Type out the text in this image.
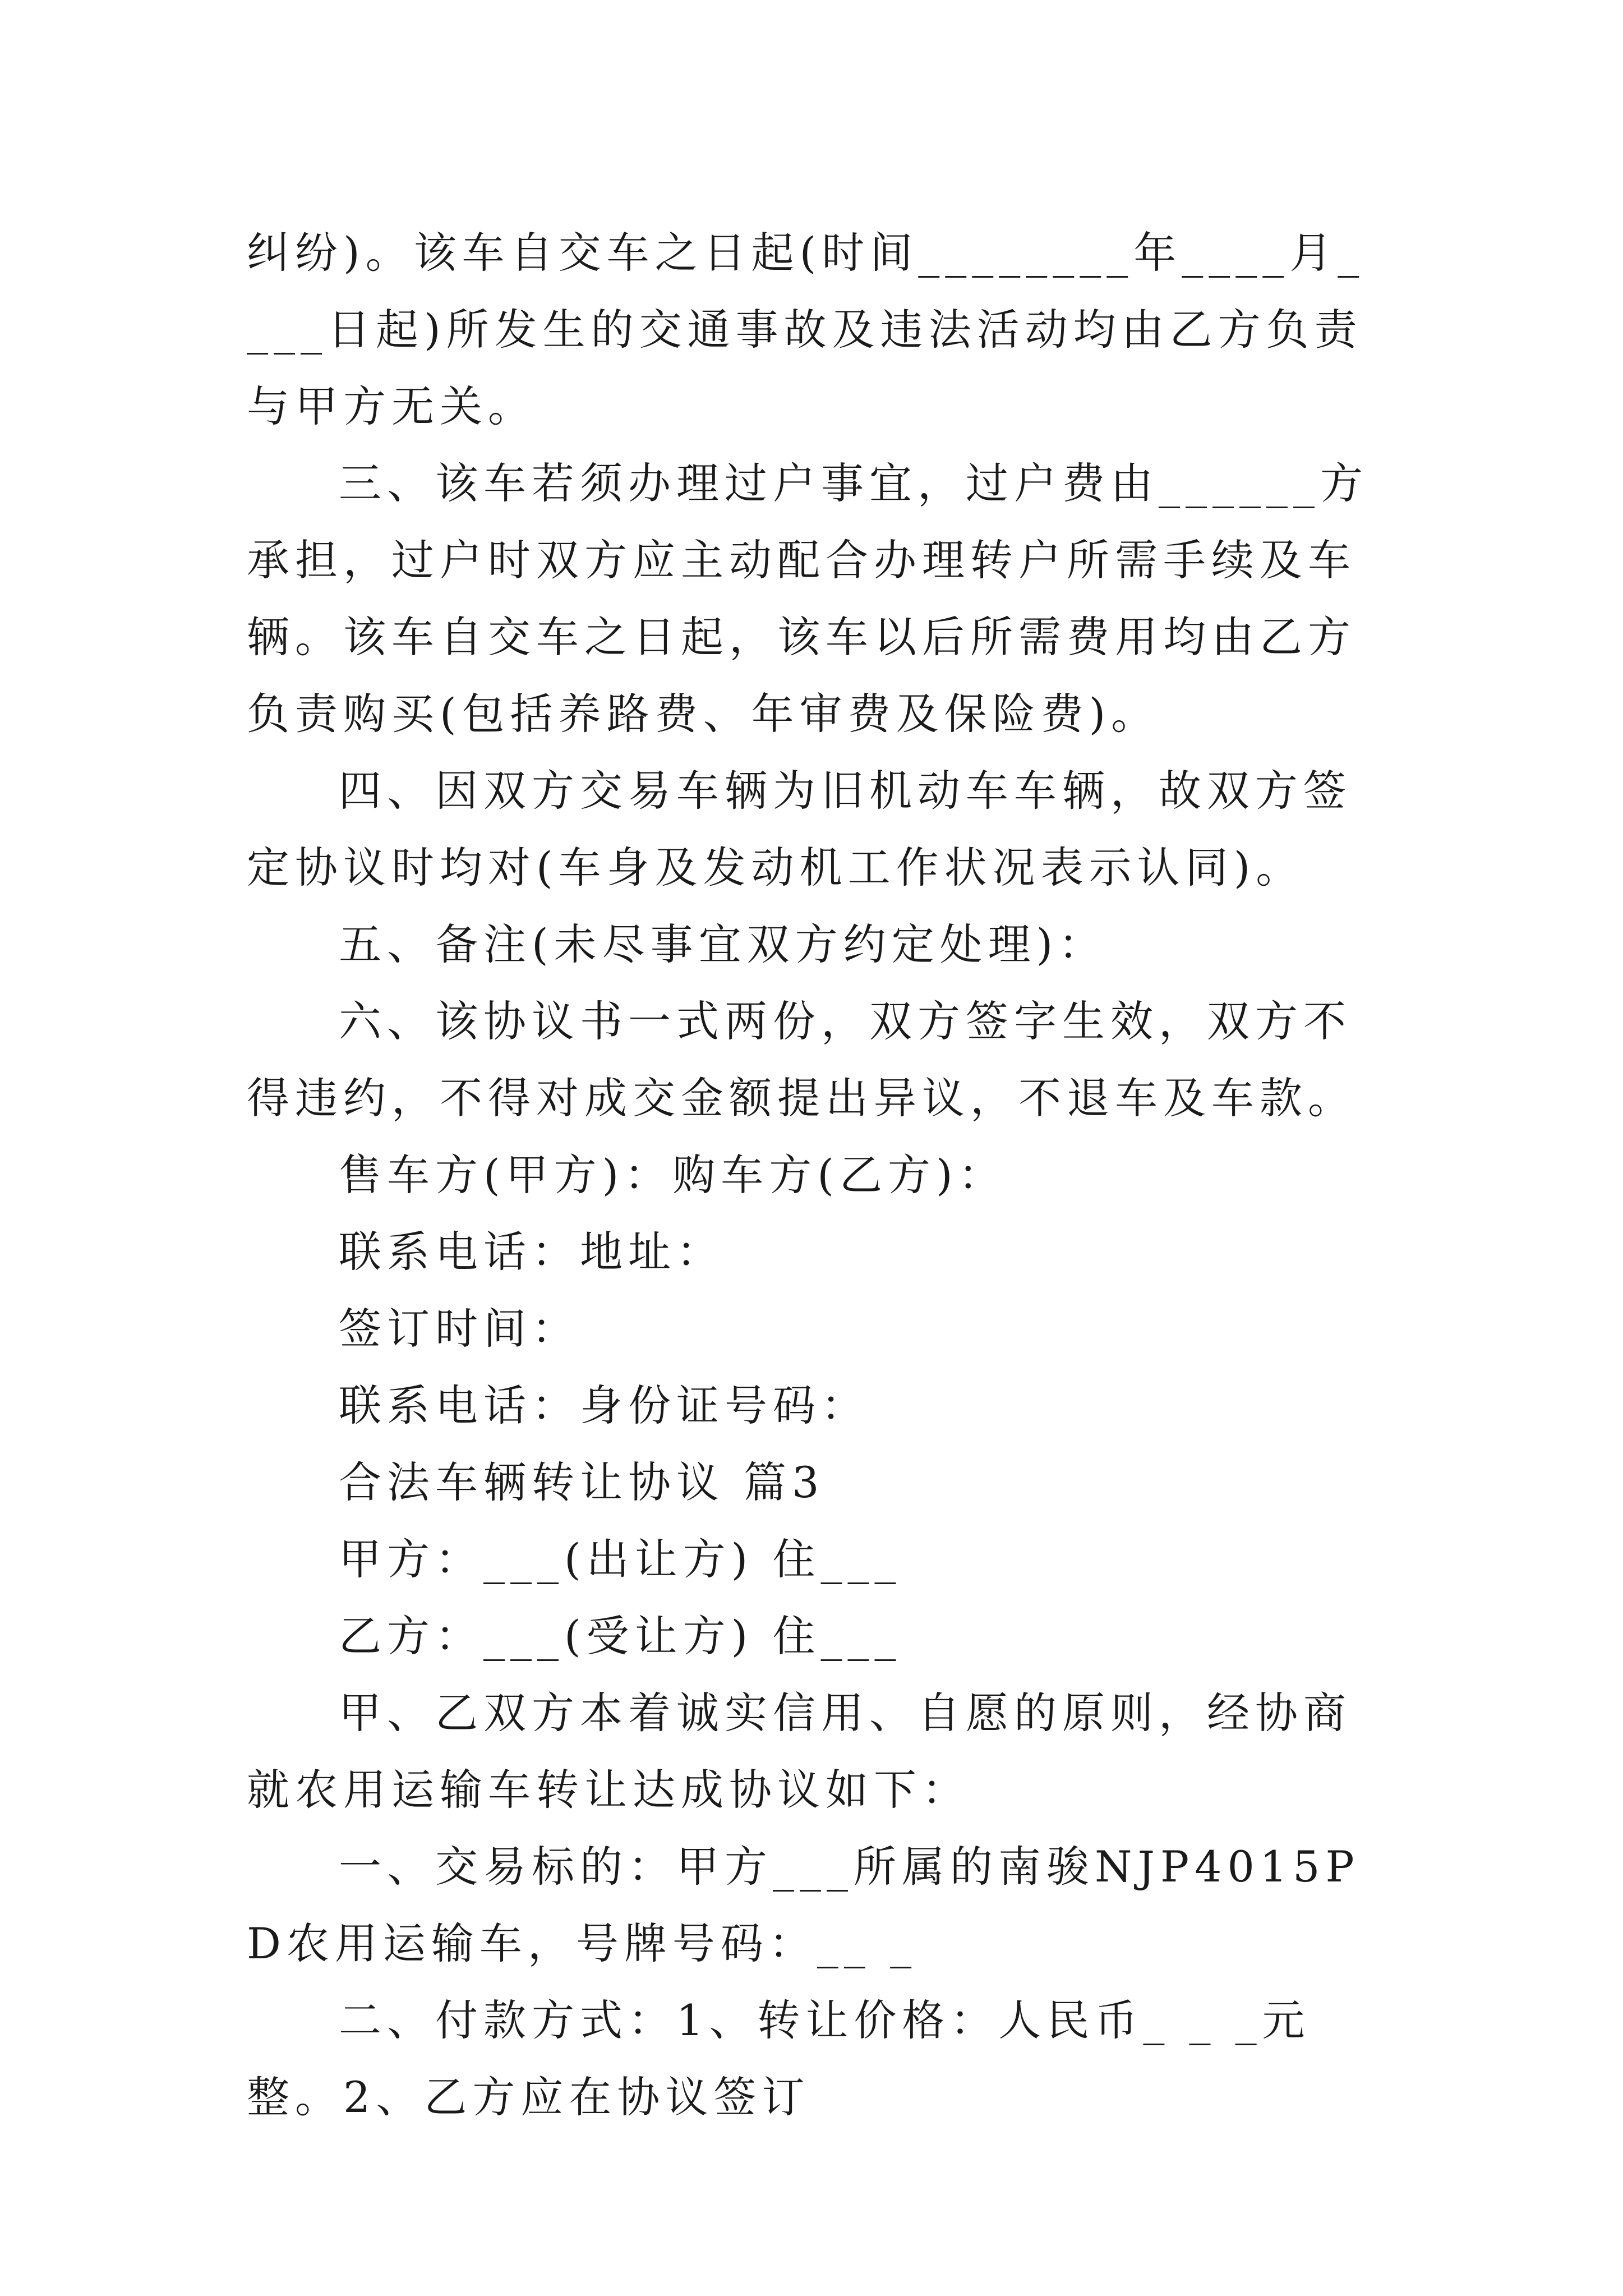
纠纷)。该车自交车之日起(时间________年____月____日起)所发生的交通事故及违法活动均由乙方负责与甲方无关。

三、该车若须办理过户事宜，过户费由______方承担，过户时双方应主动配合办理转户所需手续及车辆。该车自交车之日起，该车以后所需费用均由乙方负责购买(包括养路费、年审费及保险费)。

四、因双方交易车辆为旧机动车车辆，故双方签定协议时均对(车身及发动机工作状况表示认同)。

五、备注(未尽事宜双方约定处理)：

六、该协议书一式两份，双方签字生效，双方不得违约，不得对成交金额提出异议，不退车及车款。

售车方(甲方)：购车方(乙方)：

联系电话：地址：

签订时间：

联系电话：身份证号码：

合法车辆转让协议 篇3

甲方：___(出让方) 住___

乙方：___(受让方) 住___

甲、乙双方本着诚实信用、自愿的原则，经协商就农用运输车转让达成协议如下：

一、交易标的：甲方___所属的南骏NJP4015PD农用运输车，号牌号码：__ _

二、付款方式：1、转让价格：人民币_ _ _元整。2、乙方应在协议签订
